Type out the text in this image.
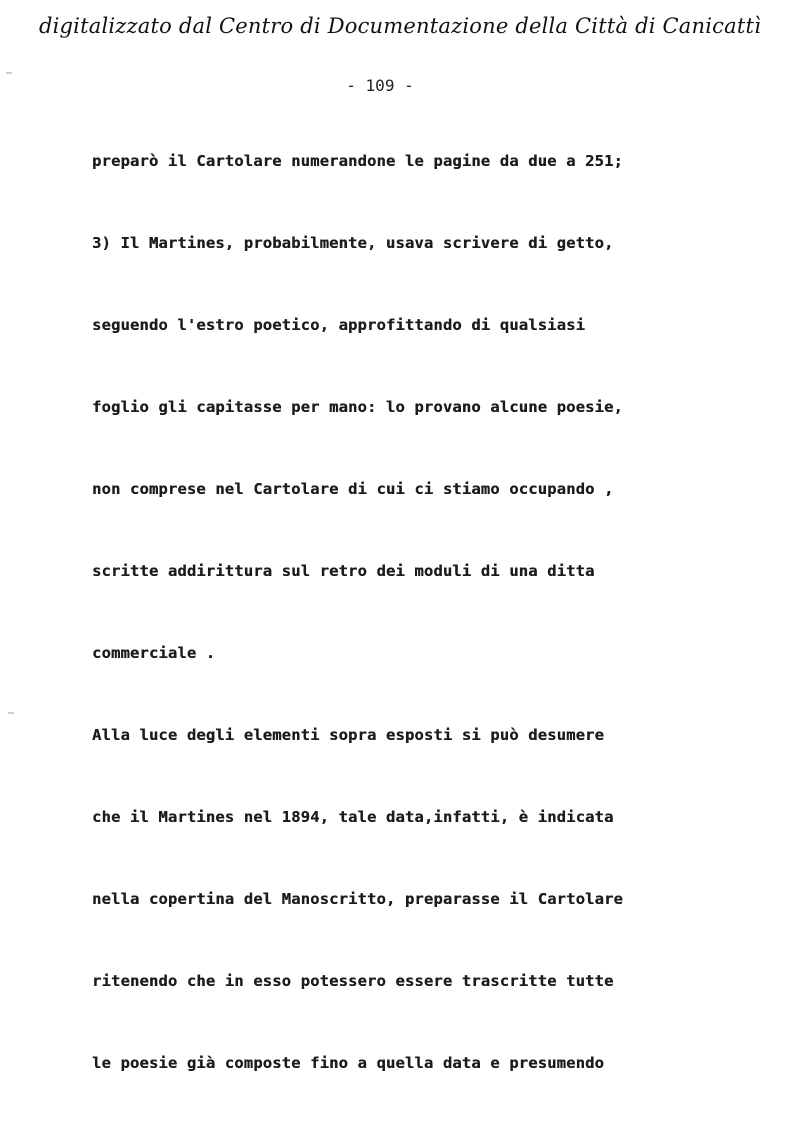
digitalizzato dal Centro di Documentazione della Città di Canicattì
- 109 -
preparò il Cartolare numerandone le pagine da due a 251;
3) Il Martines, probabilmente, usava scrivere di getto,
seguendo l'estro poetico, approfittando di qualsiasi
foglio gli capitasse per mano: lo provano alcune poesie,
non comprese nel Cartolare di cui ci stiamo occupando ,
scritte addirittura sul retro dei moduli di una ditta
commerciale .
Alla luce degli elementi sopra esposti si può desumere
che il Martines nel 1894, tale data,infatti, è indicata
nella copertina del Manoscritto, preparasse il Cartolare
ritenendo che in esso potessero essere trascritte tutte
le poesie già composte fino a quella data e presumendo
